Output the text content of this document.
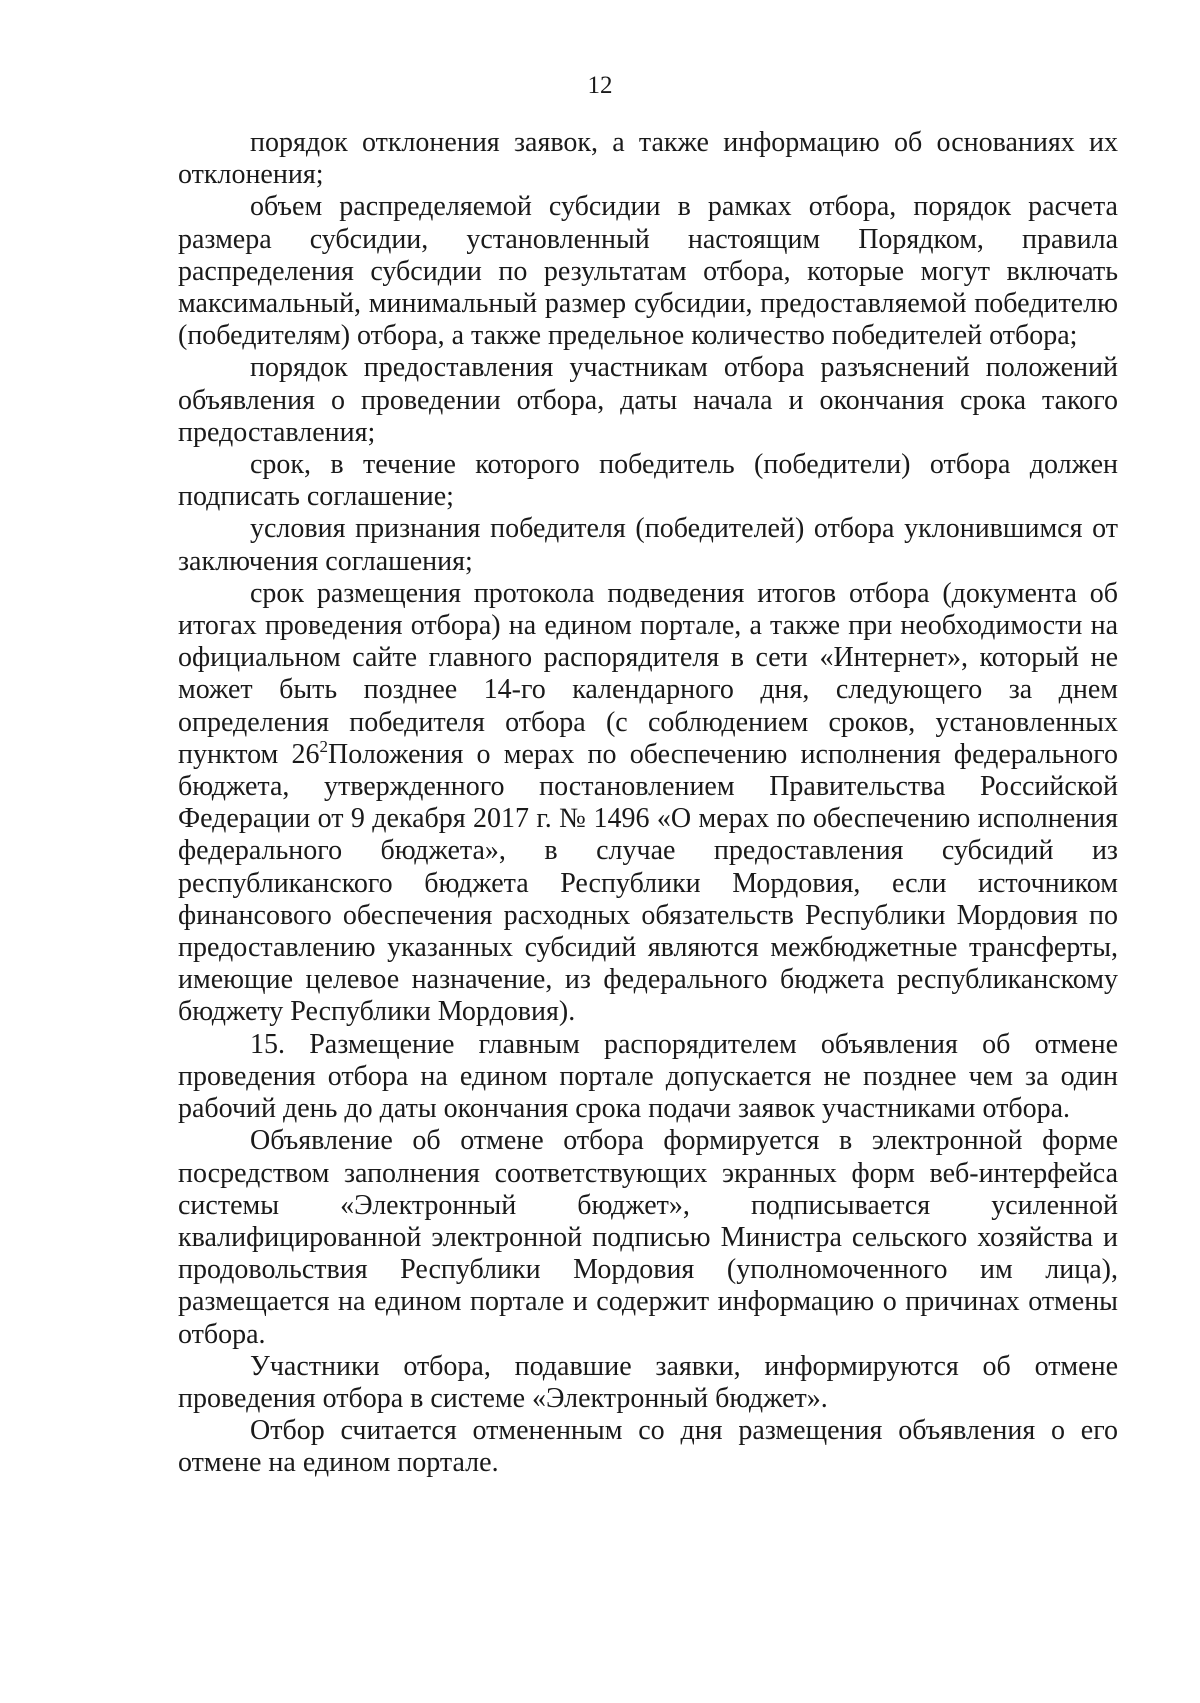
12

порядок отклонения заявок, а также информацию об основаниях их отклонения;

объем распределяемой субсидии в рамках отбора, порядок расчета размера субсидии, установленный настоящим Порядком, правила распределения субсидии по результатам отбора, которые могут включать максимальный, минимальный размер субсидии, предоставляемой победителю (победителям) отбора, а также предельное количество победителей отбора;

порядок предоставления участникам отбора разъяснений положений объявления о проведении отбора, даты начала и окончания срока такого предоставления;

срок, в течение которого победитель (победители) отбора должен подписать соглашение;

условия признания победителя (победителей) отбора уклонившимся от заключения соглашения;

срок размещения протокола подведения итогов отбора (документа об итогах проведения отбора) на едином портале, а также при необходимости на официальном сайте главного распорядителя в сети «Интернет», который не может быть позднее 14-го календарного дня, следующего за днем определения победителя отбора (с соблюдением сроков, установленных пунктом $26^2Положения$ о мерах по обеспечению исполнения федерального бюджета, утвержденного постановлением Правительства Российской Федерации от 9 декабря 2017 г. № 1496 «О мерах по обеспечению исполнения федерального бюджета», в случае предоставления субсидий из республиканского бюджета Республики Мордовия, если источником финансового обеспечения расходных обязательств Республики Мордовия по предоставлению указанных субсидий являются межбюджетные трансферты, имеющие целевое назначение, из федерального бюджета республиканскому бюджету Республики Мордовия).

15. Размещение главным распорядителем объявления об отмене проведения отбора на едином портале допускается не позднее чем за один рабочий день до даты окончания срока подачи заявок участниками отбора.

Объявление об отмене отбора формируется в электронной форме посредством заполнения соответствующих экранных форм веб-интерфейса системы «Электронный бюджет», подписывается усиленной квалифицированной электронной подписью Министра сельского хозяйства и продовольствия Республики Мордовия (уполномоченного им лица), размещается на едином портале и содержит информацию о причинах отмены отбора.

Участники отбора, подавшие заявки, информируются об отмене проведения отбора в системе «Электронный бюджет».

Отбор считается отмененным со дня размещения объявления о его отмене на едином портале.
